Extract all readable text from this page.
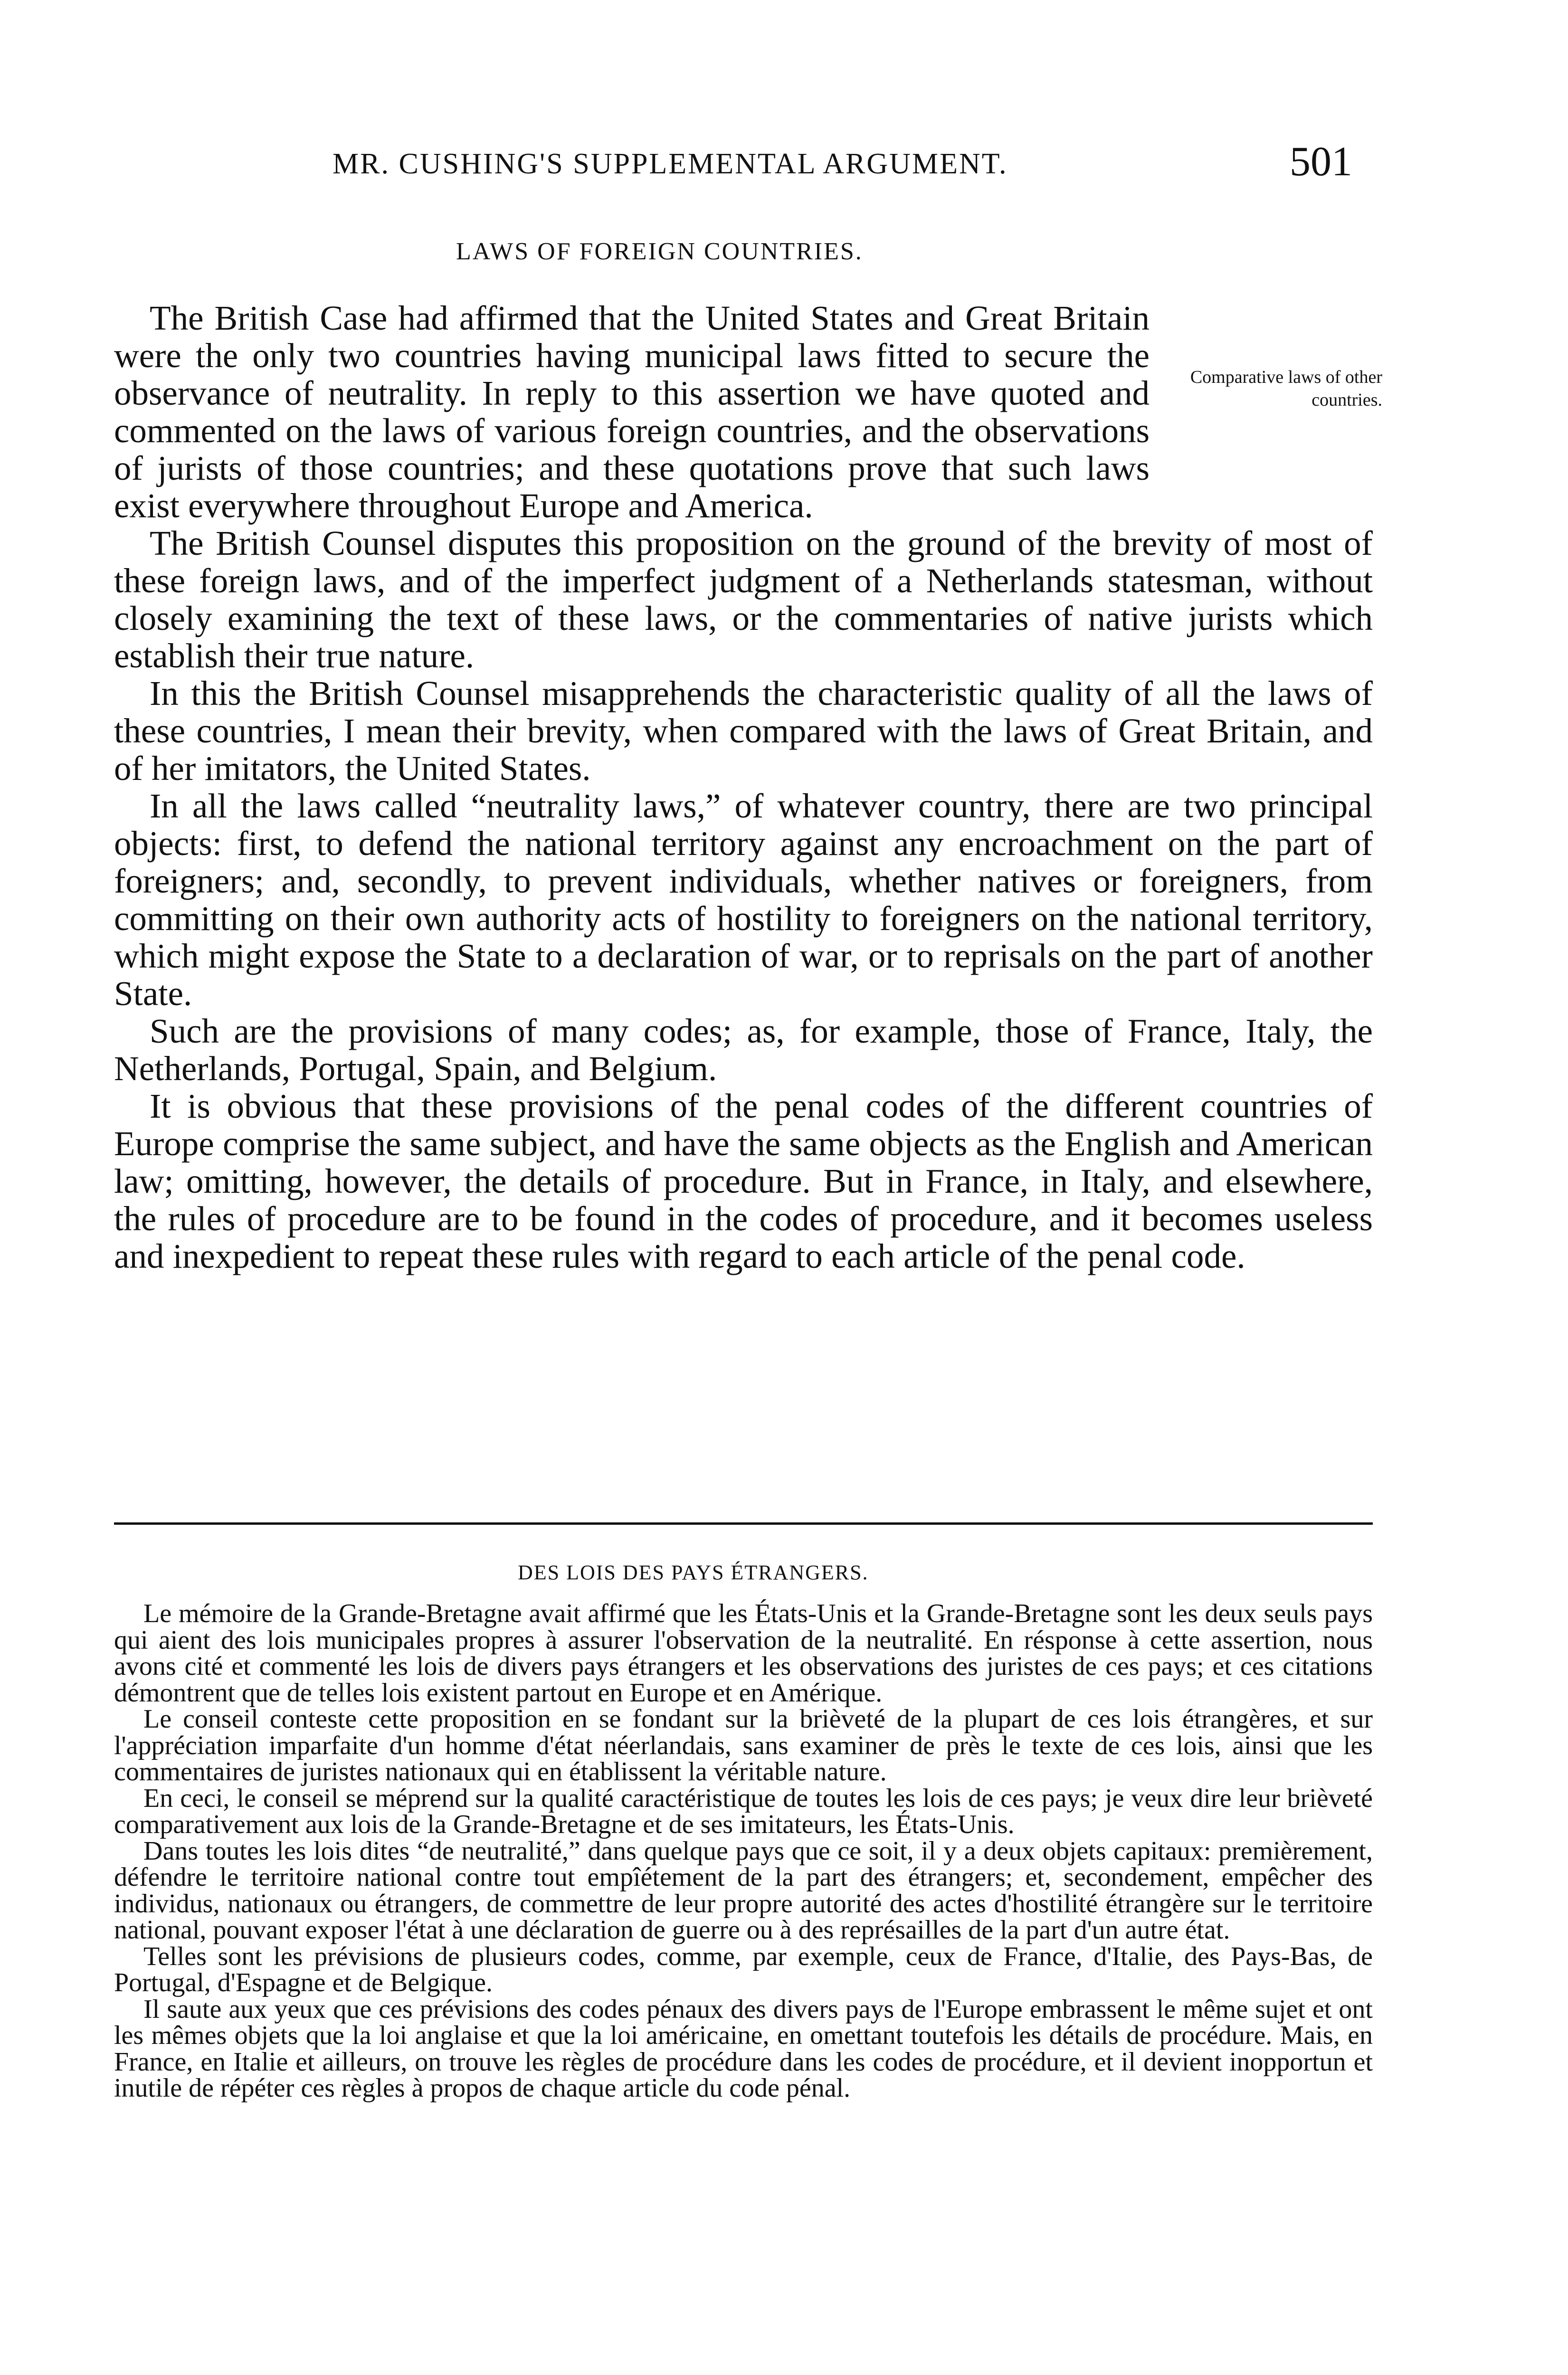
MR. CUSHING'S SUPPLEMENTAL ARGUMENT.	501
LAWS OF FOREIGN COUNTRIES.
Comparative laws of other countries.

The British Case had affirmed that the United States and Great Britain were the only two countries having municipal laws fitted to secure the observance of neutrality. In reply to this assertion we have quoted and commented on the laws of various foreign countries, and the observations of jurists of those countries; and these quotations prove that such laws exist everywhere throughout Europe and America.

The British Counsel disputes this proposition on the ground of the brevity of most of these foreign laws, and of the imperfect judgment of a Netherlands statesman, without closely examining the text of these laws, or the commentaries of native jurists which establish their true nature.

In this the British Counsel misapprehends the characteristic quality of all the laws of these countries, I mean their brevity, when compared with the laws of Great Britain, and of her imitators, the United States.

In all the laws called “neutrality laws,” of whatever country, there are two principal objects: first, to defend the national territory against any encroachment on the part of foreigners; and, secondly, to prevent individuals, whether natives or foreigners, from committing on their own authority acts of hostility to foreigners on the national territory, which might expose the State to a declaration of war, or to reprisals on the part of another State.

Such are the provisions of many codes; as, for example, those of France, Italy, the Netherlands, Portugal, Spain, and Belgium.

It is obvious that these provisions of the penal codes of the different countries of Europe comprise the same subject, and have the same objects as the English and American law; omitting, however, the details of procedure. But in France, in Italy, and elsewhere, the rules of procedure are to be found in the codes of procedure, and it becomes useless and inexpedient to repeat these rules with regard to each article of the penal code.

DES LOIS DES PAYS ÉTRANGERS.

Le mémoire de la Grande-Bretagne avait affirmé que les États-Unis et la Grande-Bretagne sont les deux seuls pays qui aient des lois municipales propres à assurer l'observation de la neutralité. En résponse à cette assertion, nous avons cité et commenté les lois de divers pays étrangers et les observations des juristes de ces pays; et ces citations démontrent que de telles lois existent partout en Europe et en Amérique.

Le conseil conteste cette proposition en se fondant sur la brièveté de la plupart de ces lois étrangères, et sur l'appréciation imparfaite d'un homme d'état néerlandais, sans examiner de près le texte de ces lois, ainsi que les commentaires de juristes nationaux qui en établissent la véritable nature.

En ceci, le conseil se méprend sur la qualité caractéristique de toutes les lois de ces pays; je veux dire leur brièveté comparativement aux lois de la Grande-Bretagne et de ses imitateurs, les États-Unis.

Dans toutes les lois dites “de neutralité,” dans quelque pays que ce soit, il y a deux objets capitaux: premièrement, défendre le territoire national contre tout empîétement de la part des étrangers; et, secondement, empêcher des individus, nationaux ou étrangers, de commettre de leur propre autorité des actes d'hostilité étrangère sur le territoire national, pouvant exposer l'état à une déclaration de guerre ou à des représailles de la part d'un autre état.

Telles sont les prévisions de plusieurs codes, comme, par exemple, ceux de France, d'Italie, des Pays-Bas, de Portugal, d'Espagne et de Belgique.

Il saute aux yeux que ces prévisions des codes pénaux des divers pays de l'Europe embrassent le même sujet et ont les mêmes objets que la loi anglaise et que la loi américaine, en omettant toutefois les détails de procédure. Mais, en France, en Italie et ailleurs, on trouve les règles de procédure dans les codes de procédure, et il devient inopportun et inutile de répéter ces règles à propos de chaque article du code pénal.
